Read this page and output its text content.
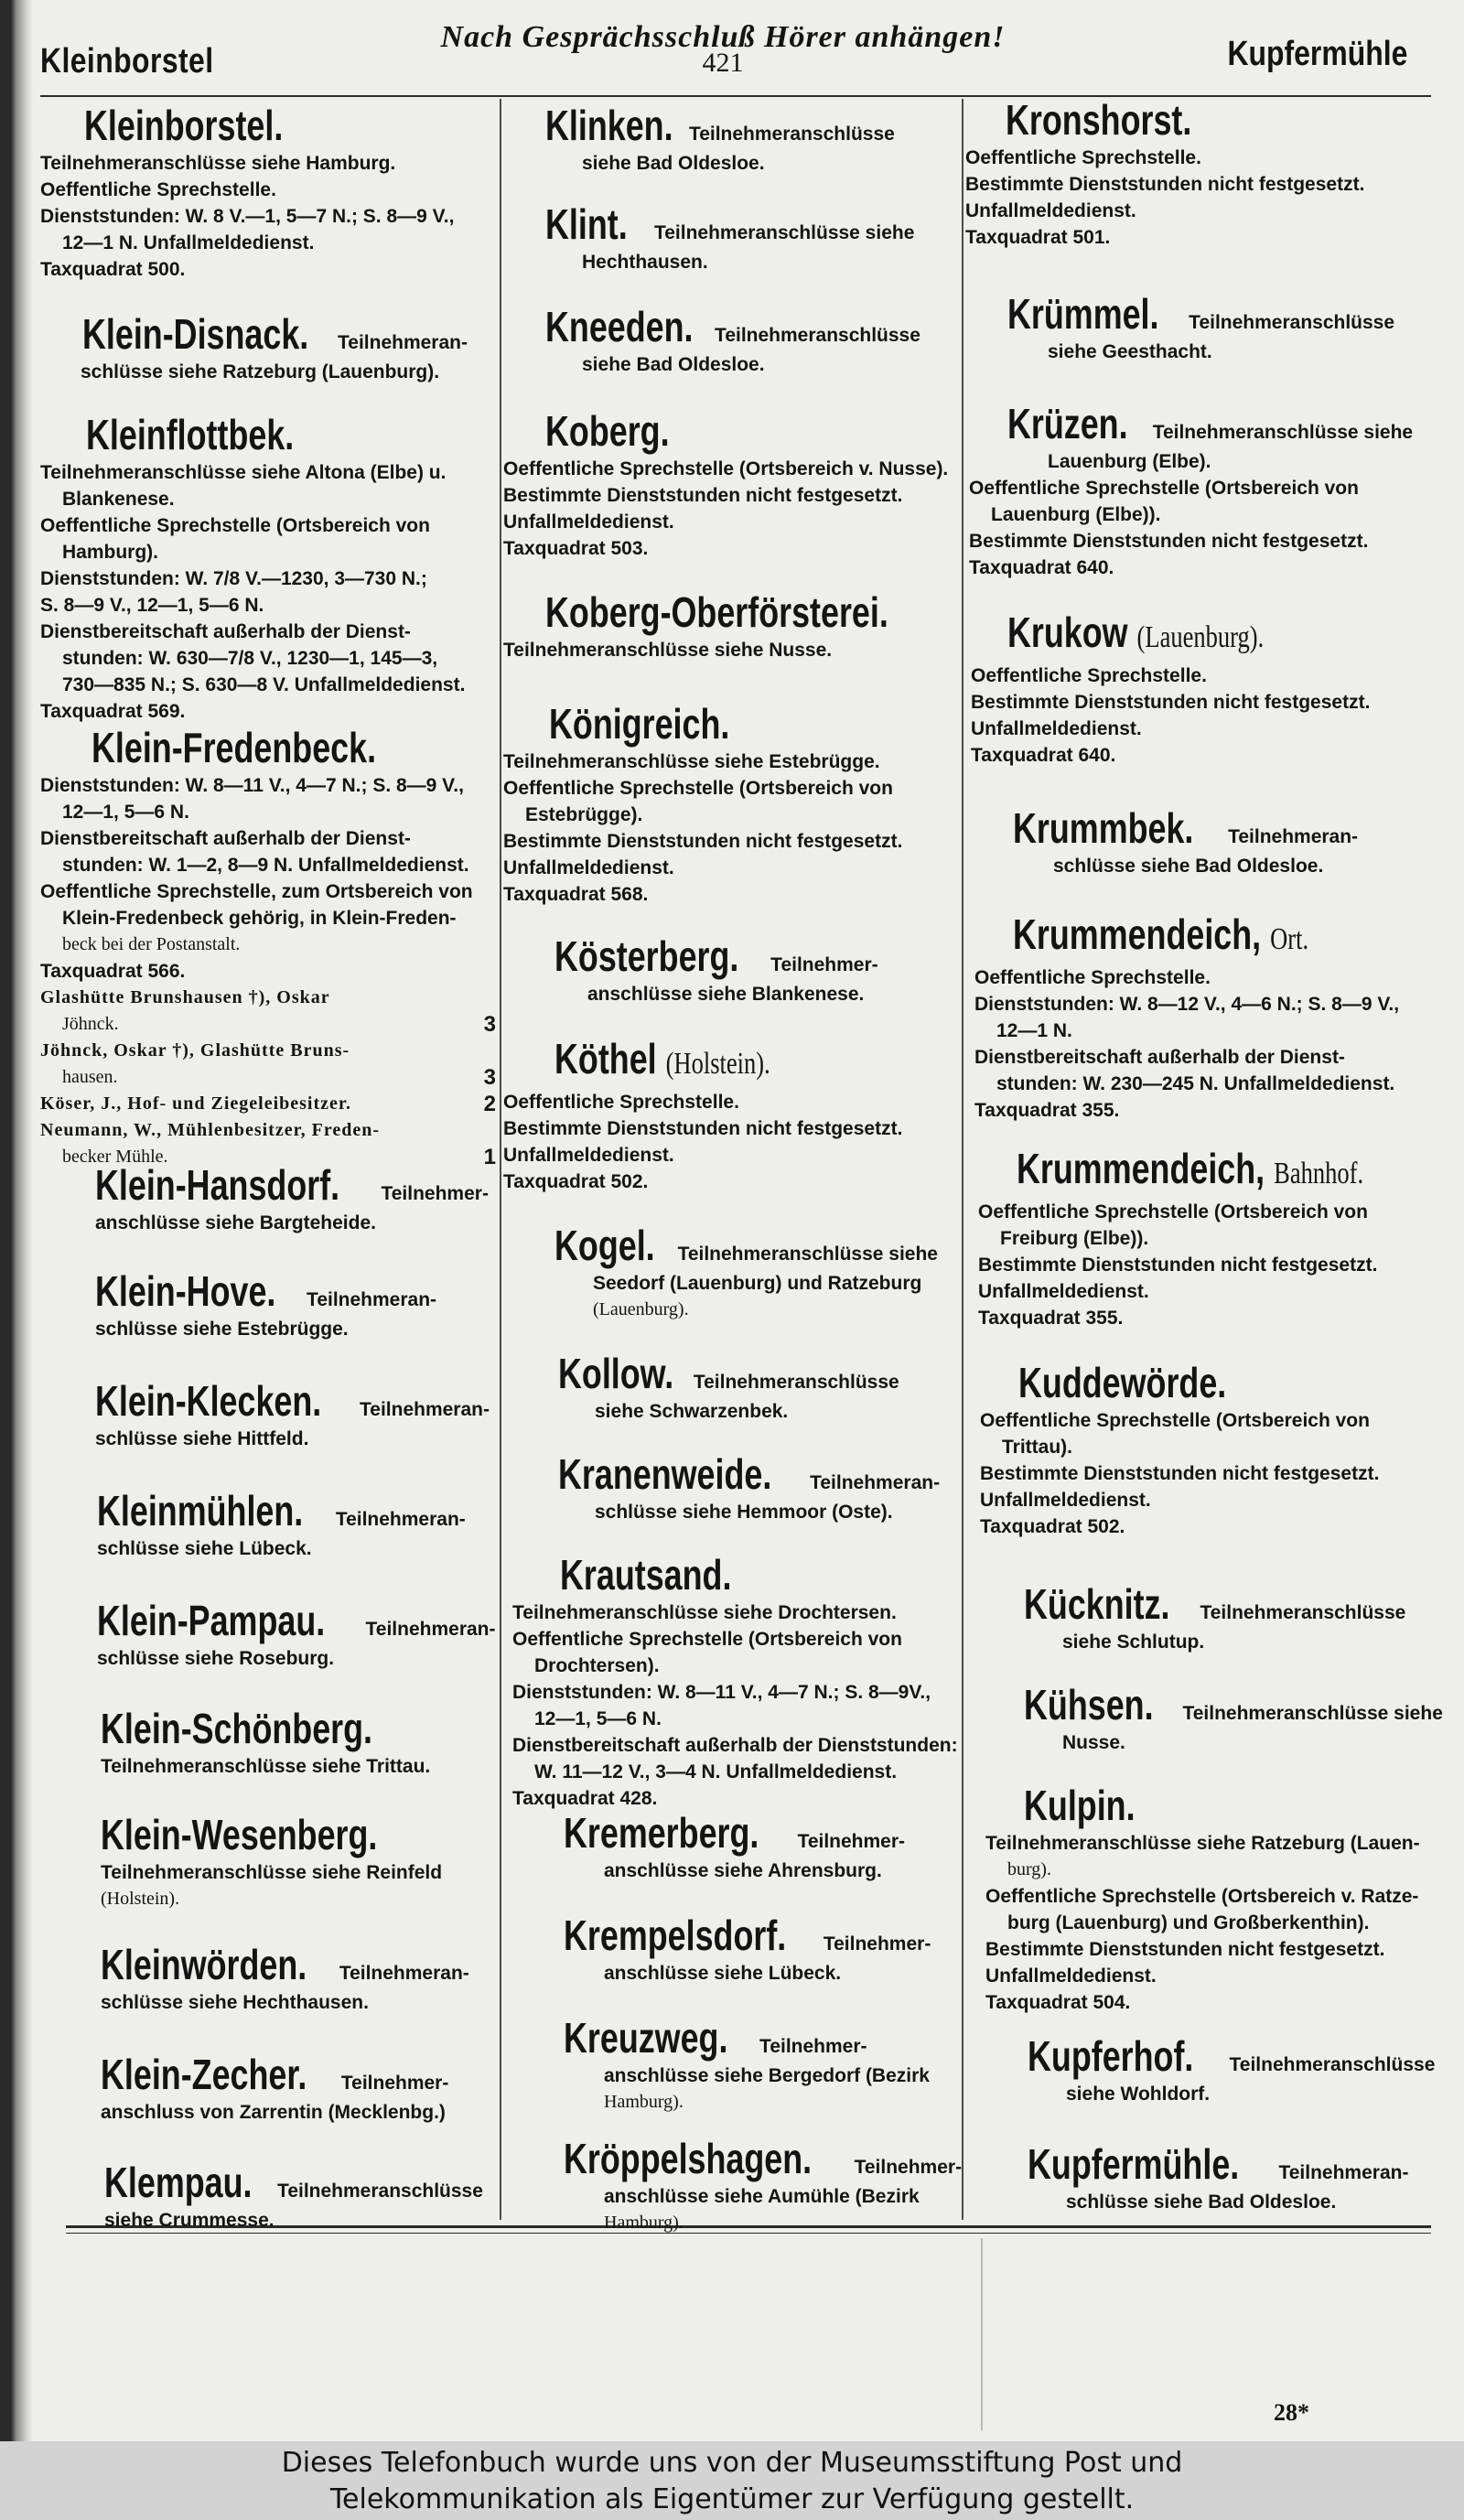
Kleinborstel
Nach Gesprächsschluß Hörer anhängen!
421	Kupfermühle
Kleinborstel.
Teilnehmeranschlüsse siehe Hamburg.
Oeffentliche Sprechstelle.
Dienststunden: W. 8 V.—1, 5—7 N.; S. 8—9 V.,
12—1 N. Unfallmeldedienst.
Taxquadrat 500.
Klein-Disnack. Teilnehmeran-
schlüsse siehe Ratzeburg (Lauenburg).
Kleinflottbek.
Teilnehmeranschlüsse siehe Altona (Elbe) u.
Blankenese.
Oeffentliche Sprechstelle (Ortsbereich von
Hamburg).
Dienststunden: W. 7/8 V.—1230, 3—730 N.;
S. 8—9 V., 12—1, 5—6 N.
Dienstbereitschaft außerhalb der Dienst-
stunden: W. 630—7/8 V., 1230—1, 145—3,
730—835 N.; S. 630—8 V. Unfallmeldedienst.
Taxquadrat 569.
Klein-Fredenbeck.
Dienststunden: W. 8—11 V., 4—7 N.; S. 8—9 V.,
12—1, 5—6 N.
Dienstbereitschaft außerhalb der Dienst-
stunden: W. 1—2, 8—9 N. Unfallmeldedienst.
Oeffentliche Sprechstelle, zum Ortsbereich von
Klein-Fredenbeck gehörig, in Klein-Freden-
beck bei der Postanstalt.
Taxquadrat 566.
Glashütte Brunshausen †), Oskar
Jöhnck.	3
Jöhnck, Oskar †), Glashütte Bruns-
hausen.	3
Köser, J., Hof- und Ziegeleibesitzer.	2
Neumann, W., Mühlenbesitzer, Freden-
becker Mühle.	1
Klein-Hansdorf. Teilnehmer-
anschlüsse siehe Bargteheide.
Klein-Hove. Teilnehmeran-
schlüsse siehe Estebrügge.
Klein-Klecken. Teilnehmeran-
schlüsse siehe Hittfeld.
Kleinmühlen. Teilnehmeran-
schlüsse siehe Lübeck.
Klein-Pampau. Teilnehmeran-
schlüsse siehe Roseburg.
Klein-Schönberg.
Teilnehmeranschlüsse siehe Trittau.
Klein-Wesenberg.
Teilnehmeranschlüsse siehe Reinfeld
(Holstein).
Kleinwörden. Teilnehmeran-
schlüsse siehe Hechthausen.
Klein-Zecher. Teilnehmer-
anschluss von Zarrentin (Mecklenbg.)
Klempau. Teilnehmeranschlüsse
siehe Crummesse.
Klinken. Teilnehmeranschlüsse
siehe Bad Oldesloe.
Klint. Teilnehmeranschlüsse siehe
Hechthausen.
Kneeden. Teilnehmeranschlüsse
siehe Bad Oldesloe.
Koberg.
Oeffentliche Sprechstelle (Ortsbereich v. Nusse).
Bestimmte Dienststunden nicht festgesetzt.
Unfallmeldedienst.
Taxquadrat 503.
Koberg-Oberförsterei.
Teilnehmeranschlüsse siehe Nusse.
Königreich.
Teilnehmeranschlüsse siehe Estebrügge.
Oeffentliche Sprechstelle (Ortsbereich von
Estebrügge).
Bestimmte Dienststunden nicht festgesetzt.
Unfallmeldedienst.
Taxquadrat 568.
Kösterberg. Teilnehmer-
anschlüsse siehe Blankenese.
Köthel (Holstein).
Oeffentliche Sprechstelle.
Bestimmte Dienststunden nicht festgesetzt.
Unfallmeldedienst.
Taxquadrat 502.
Kogel. Teilnehmeranschlüsse siehe
Seedorf (Lauenburg) und Ratzeburg
(Lauenburg).
Kollow. Teilnehmeranschlüsse
siehe Schwarzenbek.
Kranenweide. Teilnehmeran-
schlüsse siehe Hemmoor (Oste).
Krautsand.
Teilnehmeranschlüsse siehe Drochtersen.
Oeffentliche Sprechstelle (Ortsbereich von
Drochtersen).
Dienststunden: W. 8—11 V., 4—7 N.; S. 8—9V.,
12—1, 5—6 N.
Dienstbereitschaft außerhalb der Dienststunden:
W. 11—12 V., 3—4 N. Unfallmeldedienst.
Taxquadrat 428.
Kremerberg. Teilnehmer-
anschlüsse siehe Ahrensburg.
Krempelsdorf. Teilnehmer-
anschlüsse siehe Lübeck.
Kreuzweg. Teilnehmer-
anschlüsse siehe Bergedorf (Bezirk
Hamburg).
Kröppelshagen. Teilnehmer-
anschlüsse siehe Aumühle (Bezirk
Hamburg).
Kronshorst.
Oeffentliche Sprechstelle.
Bestimmte Dienststunden nicht festgesetzt.
Unfallmeldedienst.
Taxquadrat 501.
Krümmel. Teilnehmeranschlüsse
siehe Geesthacht.
Krüzen. Teilnehmeranschlüsse siehe
Lauenburg (Elbe).
Oeffentliche Sprechstelle (Ortsbereich von
Lauenburg (Elbe)).
Bestimmte Dienststunden nicht festgesetzt.
Taxquadrat 640.
Krukow (Lauenburg).
Oeffentliche Sprechstelle.
Bestimmte Dienststunden nicht festgesetzt.
Unfallmeldedienst.
Taxquadrat 640.
Krummbek. Teilnehmeran-
schlüsse siehe Bad Oldesloe.
Krummendeich, Ort.
Oeffentliche Sprechstelle.
Dienststunden: W. 8—12 V., 4—6 N.; S. 8—9 V.,
12—1 N.
Dienstbereitschaft außerhalb der Dienst-
stunden: W. 230—245 N. Unfallmeldedienst.
Taxquadrat 355.
Krummendeich, Bahnhof.
Oeffentliche Sprechstelle (Ortsbereich von
Freiburg (Elbe)).
Bestimmte Dienststunden nicht festgesetzt.
Unfallmeldedienst.
Taxquadrat 355.
Kuddewörde.
Oeffentliche Sprechstelle (Ortsbereich von
Trittau).
Bestimmte Dienststunden nicht festgesetzt.
Unfallmeldedienst.
Taxquadrat 502.
Kücknitz. Teilnehmeranschlüsse
siehe Schlutup.
Kühsen. Teilnehmeranschlüsse siehe
Nusse.
Kulpin.
Teilnehmeranschlüsse siehe Ratzeburg (Lauen-
burg).
Oeffentliche Sprechstelle (Ortsbereich v. Ratze-
burg (Lauenburg) und Großberkenthin).
Bestimmte Dienststunden nicht festgesetzt.
Unfallmeldedienst.
Taxquadrat 504.
Kupferhof. Teilnehmeranschlüsse
siehe Wohldorf.
Kupfermühle. Teilnehmeran-
schlüsse siehe Bad Oldesloe.
28*
Dieses Telefonbuch wurde uns von der Museumsstiftung Post und
Telekommunikation als Eigentümer zur Verfügung gestellt.
